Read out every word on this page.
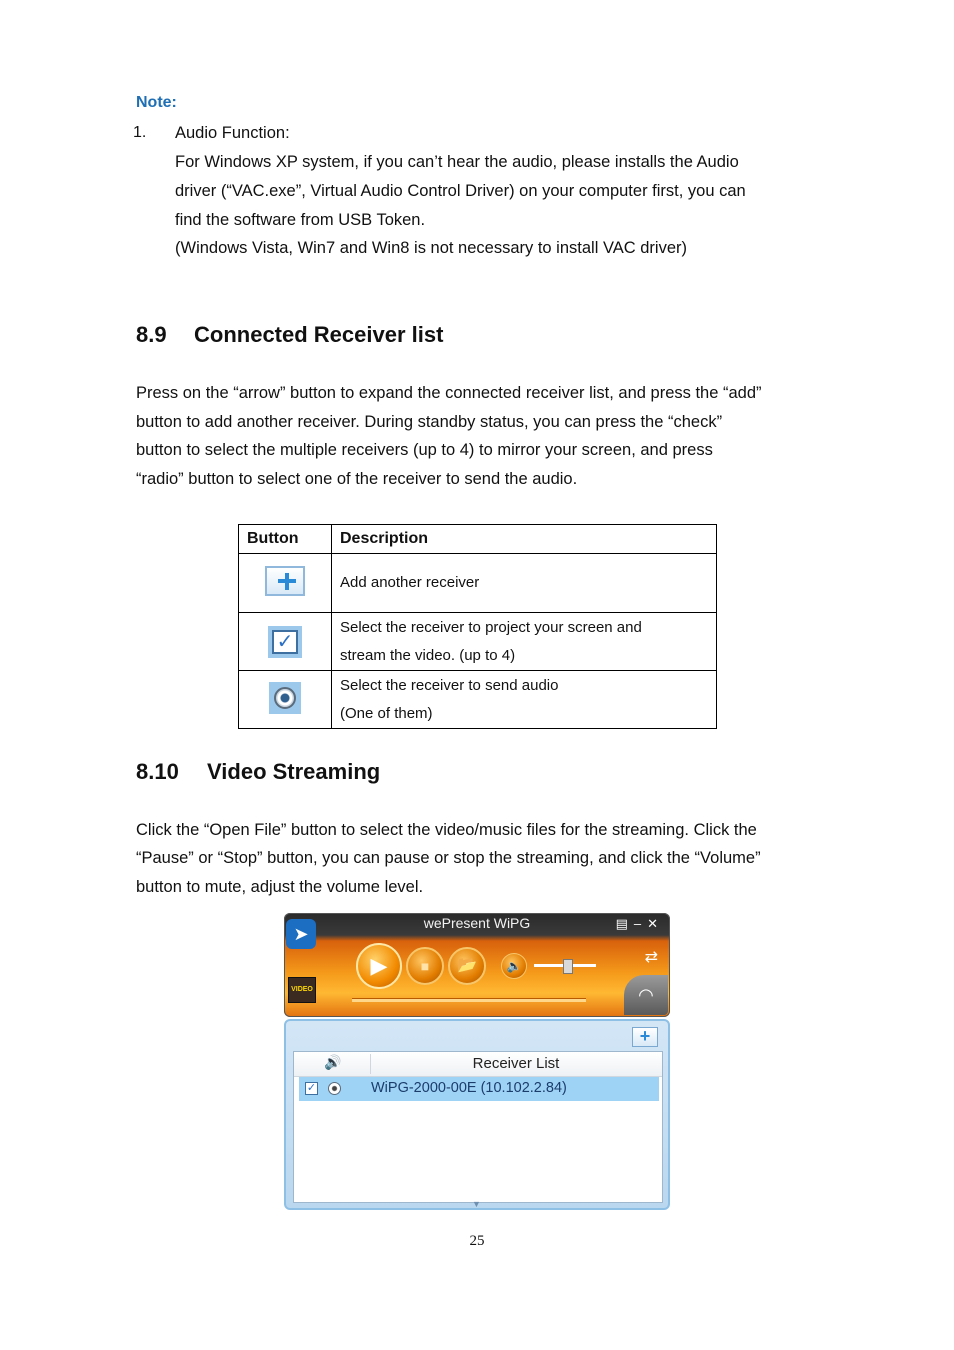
Note:
1. Audio Function:
For Windows XP system, if you can’t hear the audio, please installs the Audio
driver (“VAC.exe”, Virtual Audio Control Driver) on your computer first, you can
find the software from USB Token.
(Windows Vista, Win7 and Win8 is not necessary to install VAC driver)
8.9 Connected Receiver list
Press on the “arrow” button to expand the connected receiver list, and press the “add”
button to add another receiver. During standby status, you can press the “check”
button to select the multiple receivers (up to 4) to mirror your screen, and press
“radio” button to select one of the receiver to send the audio.
Button	Description

	Add another receiver

✓	Select the receiver to project your screen and
stream the video. (up to 4)

	Select the receiver to send audio
(One of them)
8.10 Video Streaming
Click the “Open File” button to select the video/music files for the streaming. Click the
“Pause” or “Stop” button, you can pause or stop the streaming, and click the “Volume”
button to mute, adjust the volume level.
wePresent WiPG	▤–✕
➤
VIDEO
▶	■	📂	🔈	⇄
◠
+
🔊	Receiver List
✓	WiPG-2000-00E (10.102.2.84)
▼
25
